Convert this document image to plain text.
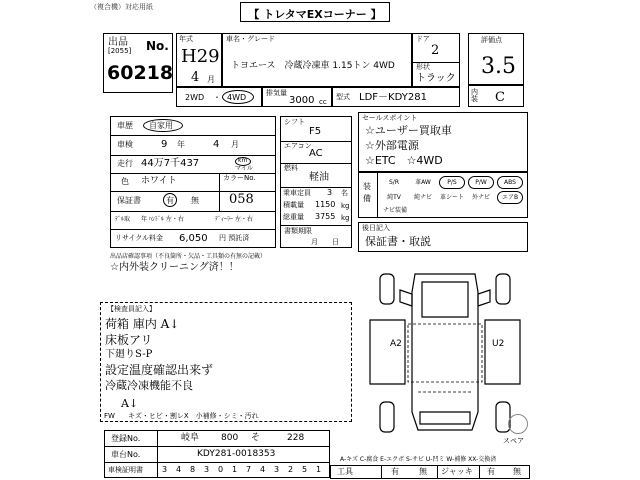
（複合機）対応用紙
【 トレタマEXコーナー 】
出品
[2055] No.
60218
年式
H29
4 月
車名・グレード
トヨエース　冷蔵冷凍車 1.15トン 4WD
ドア
2
形状
トラック
2WD ・ 4WD	排気量
3000 cc
型式 LDF－KDY281
評価点
3.5
内装 C
車歴 自家用
車検	9 年	4 月
走行 44万7千437	km
マイル
色 ホワイト	カラーNo.
058
保証書	有 無
ﾃﾞﾙ取 年 ﾊﾝﾄﾞﾙ 左・右	ﾃﾞｨｰﾗｰ 左・右
リサイクル料金 6,050 円 預託済
シフト
F5
エアコン
AC
燃料
軽油
乗車定員 3 名
積載量 1150 kg
総重量 3755 kg
書類期限
月　　日
セールスポイント
☆ユーザー買取車
☆外部電源
☆ETC　☆4WD
装備
S/R	革AW	P/S	P/W	ABS
純TV	純ナビ	革シート	外ナビ	エアB
ナビ装備
後日記入
保証書・取説
出品店確認事項（不良箇所・欠品・工具類の有無の記載）
☆内外装クリーニング済！！
【検査員記入】
荷箱 庫内 A↓
床板アリ
下廻りS-P
設定温度確認出来ず
冷蔵冷凍機能不良
A↓
FW キズ・ヒビ・割レX　小補修・シミ・汚れ
登録No.	岐阜 800 そ	228
車台No.	KDY281-0018353
車検証明書 3 4 8 3 0 1 7 4 3 2 5 1
A2	U2
スペア
A-キズ C-腐食 E-エクボ S-サビ U-凹ミ W-補修 XX-交換済
工具	有	無 ジャッキ 有 無
